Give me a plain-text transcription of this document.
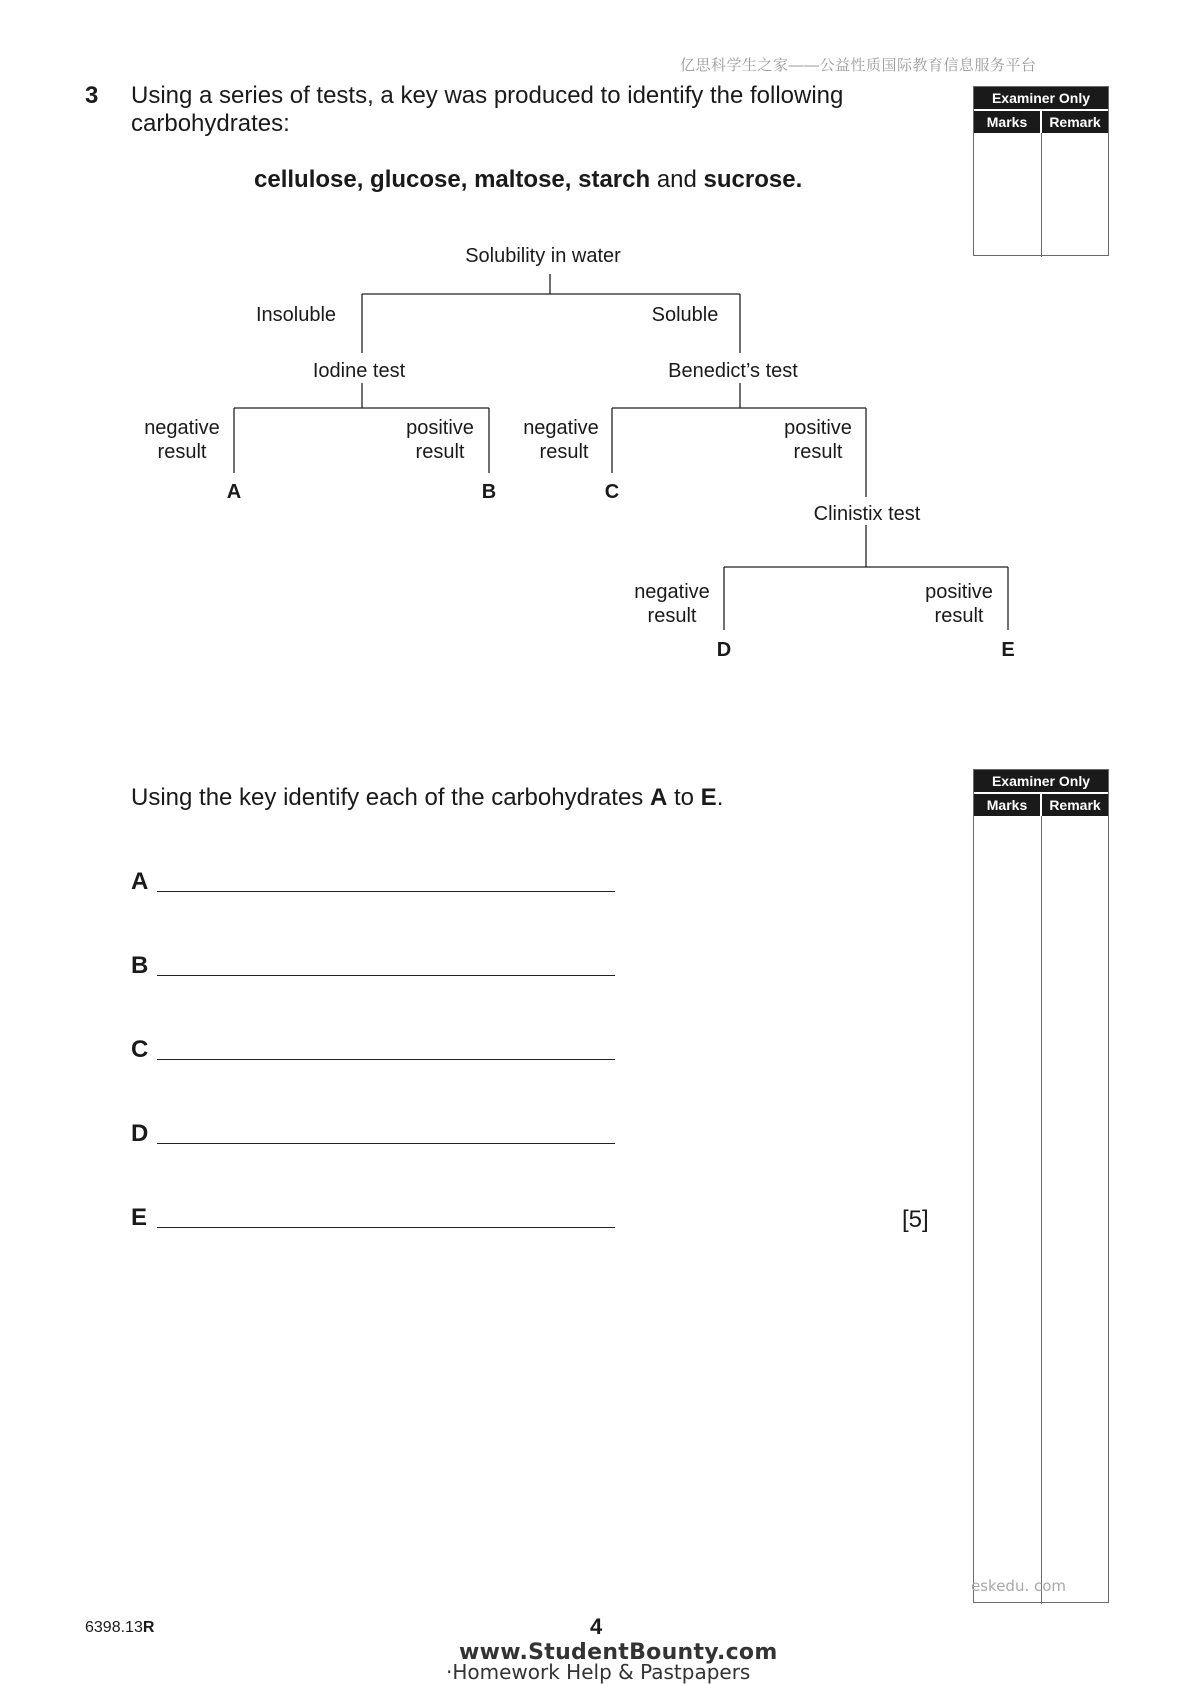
亿思科学生之家——公益性质国际教育信息服务平台
3 Using a series of tests, a key was produced to identify the following carbohydrates:
cellulose, glucose, maltose, starch and sucrose.
Examiner Only
Marks	Remark
Solubility in water
Insoluble	Soluble
Iodine test	Benedict’s test
negative
result
positive
result
negative
result
positive
result
Clinistix test
negative
result
positive
result
A	B	C
D	E
Using the key identify each of the carbohydrates A to E.
A
B
C
D
E	[5]
Examiner Only
Marks	Remark
eskedu. com
6398.13R	4
www.StudentBounty.com
·Homework Help & Pastpapers
